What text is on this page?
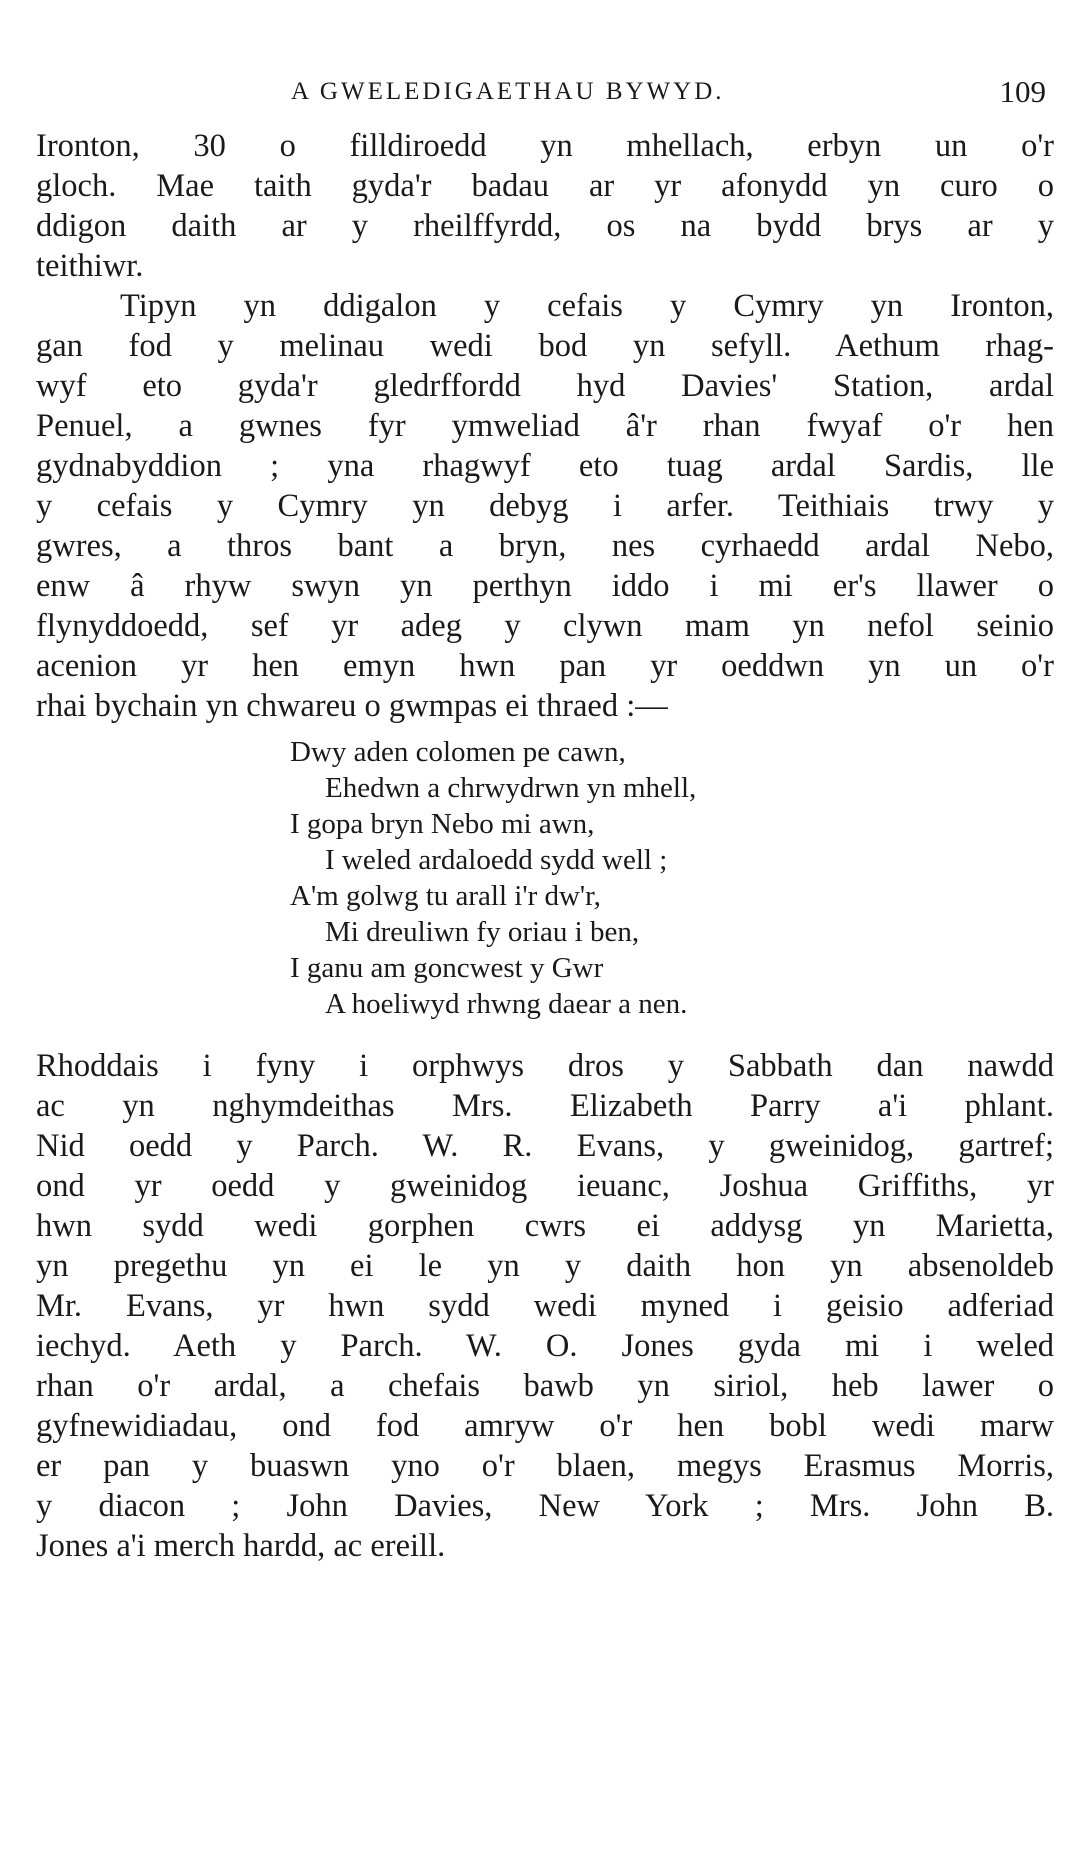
A GWELEDIGAETHAU BYWYD.	109
Ironton, 30 o filldiroedd yn mhellach, erbyn un o'r
gloch. Mae taith gyda'r badau ar yr afonydd yn curo o
ddigon daith ar y rheilffyrdd, os na bydd brys ar y
teithiwr.
Tipyn yn ddigalon y cefais y Cymry yn Ironton,
gan fod y melinau wedi bod yn sefyll. Aethum rhag-
wyf eto gyda'r gledrffordd hyd Davies' Station, ardal
Penuel, a gwnes fyr ymweliad â'r rhan fwyaf o'r hen
gydnabyddion ; yna rhagwyf eto tuag ardal Sardis, lle
y cefais y Cymry yn debyg i arfer. Teithiais trwy y
gwres, a thros bant a bryn, nes cyrhaedd ardal Nebo,
enw â rhyw swyn yn perthyn iddo i mi er's llawer o
flynyddoedd, sef yr adeg y clywn mam yn nefol seinio
acenion yr hen emyn hwn pan yr oeddwn yn un o'r
rhai bychain yn chwareu o gwmpas ei thraed :—
Dwy aden colomen pe cawn,
Ehedwn a chrwydrwn yn mhell,
I gopa bryn Nebo mi awn,
I weled ardaloedd sydd well ;
A'm golwg tu arall i'r dw'r,
Mi dreuliwn fy oriau i ben,
I ganu am goncwest y Gwr
A hoeliwyd rhwng daear a nen.
Rhoddais i fyny i orphwys dros y Sabbath dan nawdd
ac yn nghymdeithas Mrs. Elizabeth Parry a'i phlant.
Nid oedd y Parch. W. R. Evans, y gweinidog, gartref;
ond yr oedd y gweinidog ieuanc, Joshua Griffiths, yr
hwn sydd wedi gorphen cwrs ei addysg yn Marietta,
yn pregethu yn ei le yn y daith hon yn absenoldeb
Mr. Evans, yr hwn sydd wedi myned i geisio adferiad
iechyd. Aeth y Parch. W. O. Jones gyda mi i weled
rhan o'r ardal, a chefais bawb yn siriol, heb lawer o
gyfnewidiadau, ond fod amryw o'r hen bobl wedi marw
er pan y buaswn yno o'r blaen, megys Erasmus Morris,
y diacon ; John Davies, New York ; Mrs. John B.
Jones a'i merch hardd, ac ereill.
